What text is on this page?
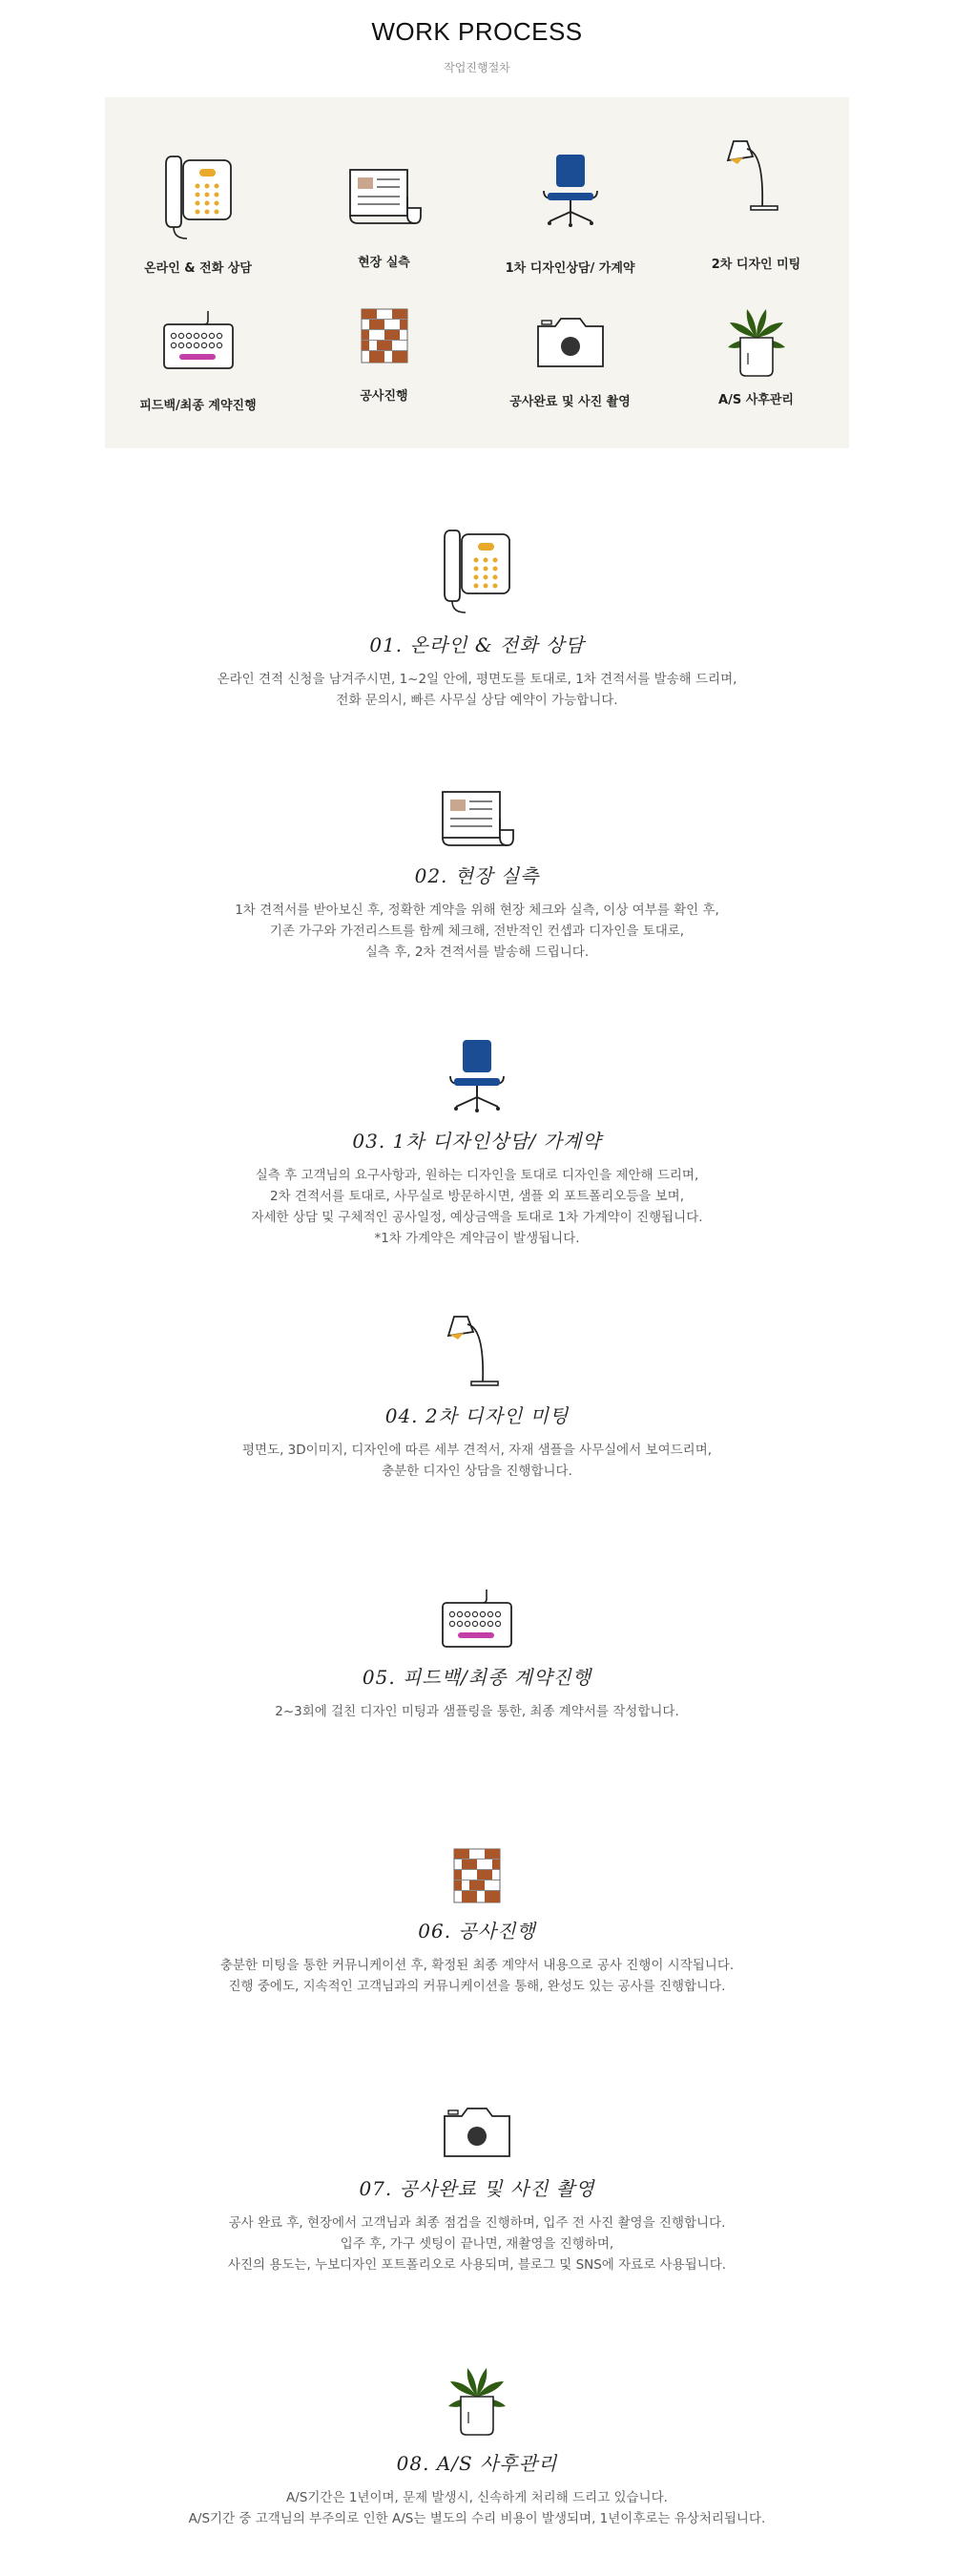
WORK PROCESS
작업진행절차
온라인 & 전화 상담	현장 실측	1차 디자인상담/ 가계약	2차 디자인 미팅
피드백/최종 계약진행
공사진행	공사완료 및 사진 촬영	A/S 사후관리
01. 온라인 & 전화 상담
온라인 견적 신청을 남겨주시면, 1~2일 안에, 평면도를 토대로, 1차 견적서를 발송해 드리며,
전화 문의시, 빠른 사무실 상담 예약이 가능합니다.
02. 현장 실측
1차 견적서를 받아보신 후, 정확한 계약을 위해 현장 체크와 실측, 이상 여부를 확인 후,
기존 가구와 가전리스트를 함께 체크해, 전반적인 컨셉과 디자인을 토대로,
실측 후, 2차 견적서를 발송해 드립니다.
03. 1차 디자인상담/ 가계약
실측 후 고객님의 요구사항과, 원하는 디자인을 토대로 디자인을 제안해 드리며,
2차 견적서를 토대로, 사무실로 방문하시면, 샘플 외 포트폴리오등을 보며,
자세한 상담 및 구체적인 공사일정, 예상금액을 토대로 1차 가계약이 진행됩니다.
*1차 가계약은 계약금이 발생됩니다.
04. 2차 디자인 미팅
평면도, 3D이미지, 디자인에 따른 세부 견적서, 자재 샘플을 사무실에서 보여드리며,
충분한 디자인 상담을 진행합니다.
05. 피드백/최종 계약진행
2~3회에 걸친 디자인 미팅과 샘플링을 통한, 최종 계약서를 작성합니다.
06. 공사진행
충분한 미팅을 통한 커뮤니케이션 후, 확정된 최종 계약서 내용으로 공사 진행이 시작됩니다.
진행 중에도, 지속적인 고객님과의 커뮤니케이션을 통해, 완성도 있는 공사를 진행합니다.
07. 공사완료 및 사진 촬영
공사 완료 후, 현장에서 고객님과 최종 점검을 진행하며, 입주 전 사진 촬영을 진행합니다.
입주 후, 가구 셋팅이 끝나면, 재촬영을 진행하며,
사진의 용도는, 누보디자인 포트폴리오로 사용되며, 블로그 및 SNS에 자료로 사용됩니다.
08. A/S 사후관리
A/S기간은 1년이며, 문제 발생시, 신속하게 처리해 드리고 있습니다.
A/S기간 중 고객님의 부주의로 인한 A/S는 별도의 수리 비용이 발생되며, 1년이후로는 유상처리됩니다.
